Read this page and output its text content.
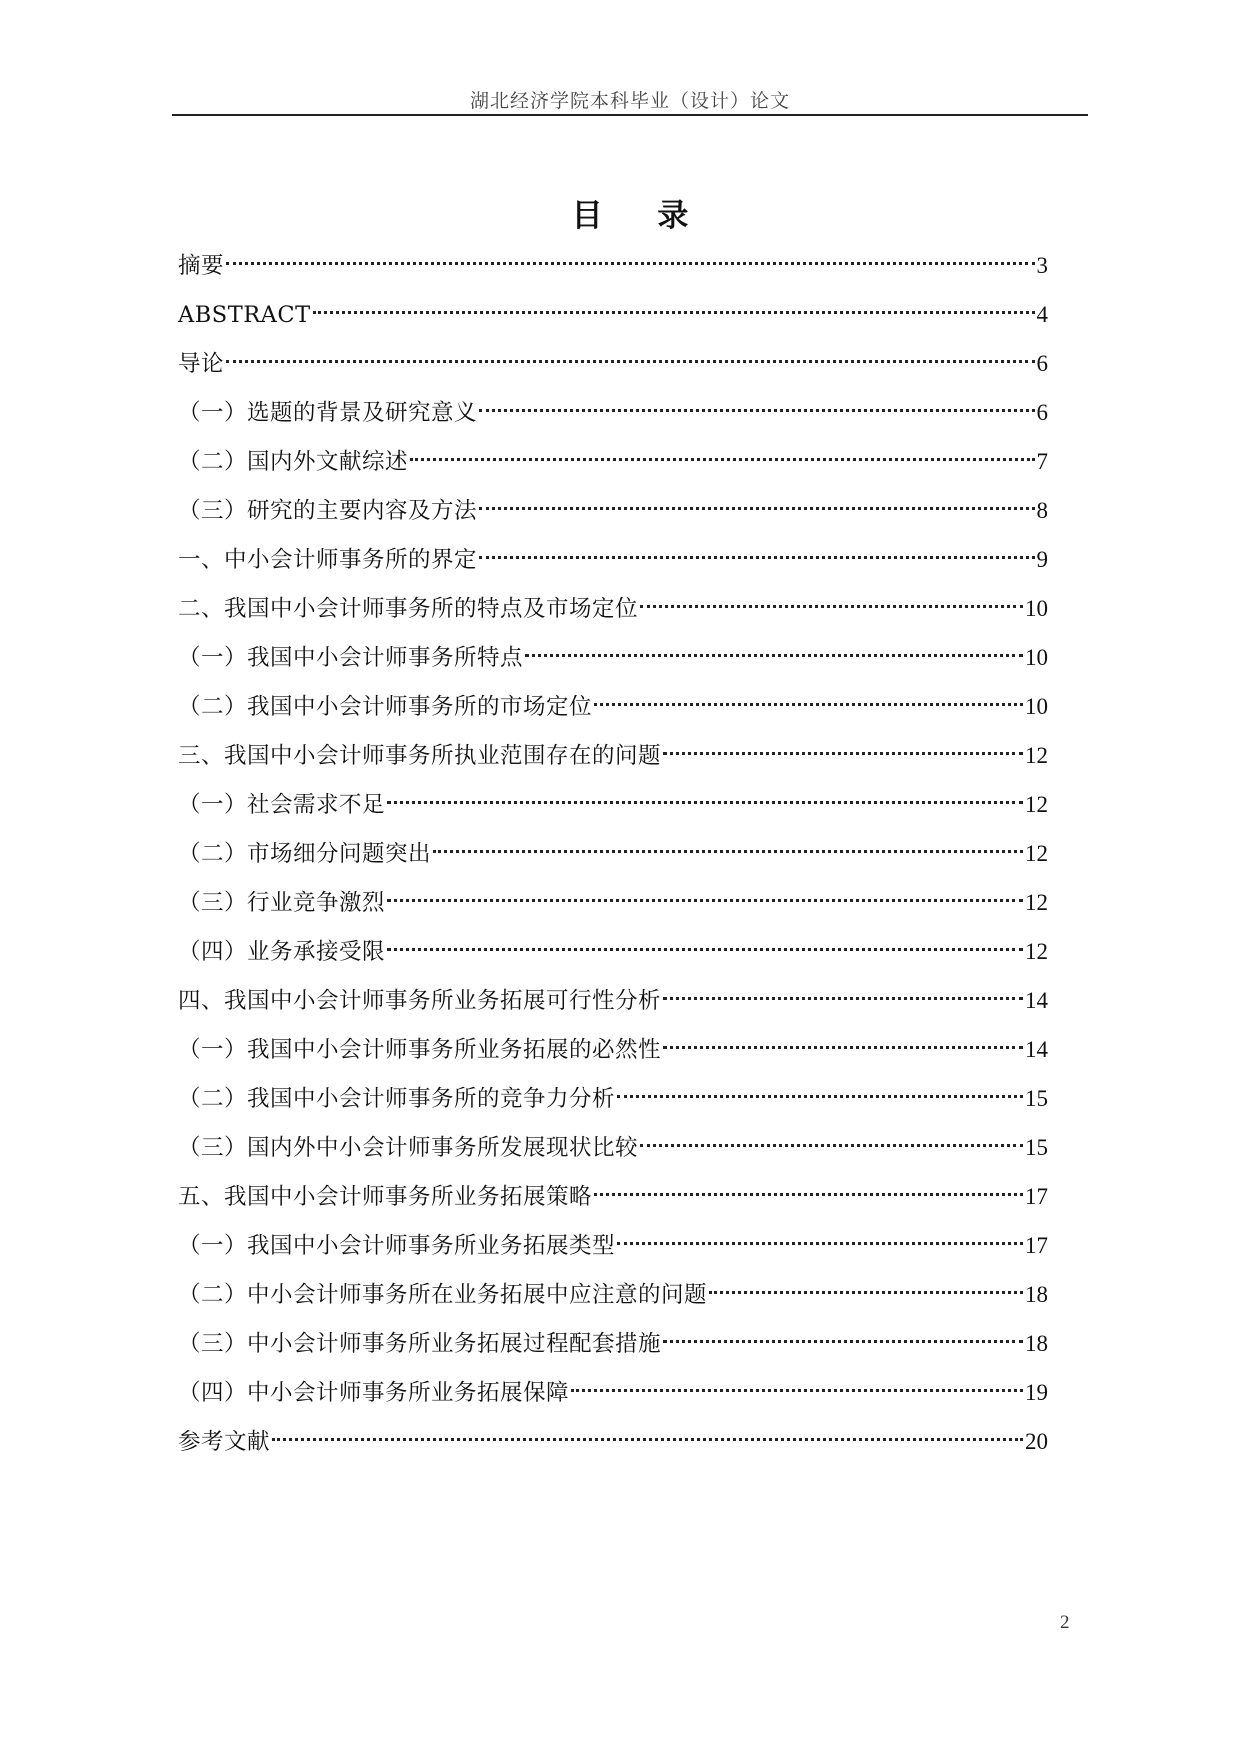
湖北经济学院本科毕业（设计）论文
目 录
摘要	3
ABSTRACT	4
导论	6
（一）选题的背景及研究意义	6
（二）国内外文献综述	7
（三）研究的主要内容及方法	8
一、中小会计师事务所的界定	9
二、我国中小会计师事务所的特点及市场定位	10
（一）我国中小会计师事务所特点	10
（二）我国中小会计师事务所的市场定位	10
三、我国中小会计师事务所执业范围存在的问题	12
（一）社会需求不足	12
（二）市场细分问题突出	12
（三）行业竞争激烈	12
（四）业务承接受限	12
四、我国中小会计师事务所业务拓展可行性分析	14
（一）我国中小会计师事务所业务拓展的必然性	14
（二）我国中小会计师事务所的竞争力分析	15
（三）国内外中小会计师事务所发展现状比较	15
五、我国中小会计师事务所业务拓展策略	17
（一）我国中小会计师事务所业务拓展类型	17
（二）中小会计师事务所在业务拓展中应注意的问题	18
（三）中小会计师事务所业务拓展过程配套措施	18
（四）中小会计师事务所业务拓展保障	19
参考文献	20
2
